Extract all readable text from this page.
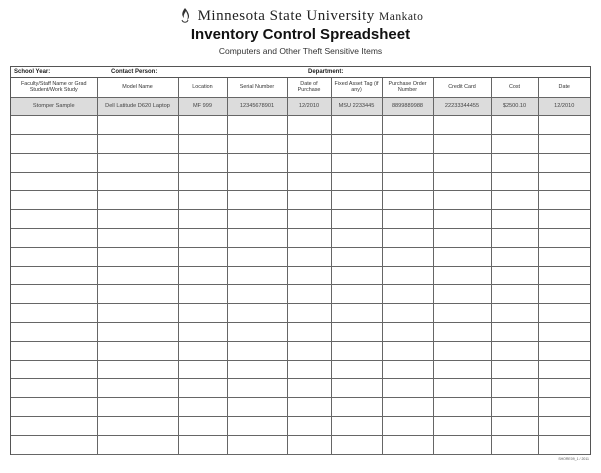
Minnesota State University Mankato
Inventory Control Spreadsheet
Computers and Other Theft Sensitive Items
School Year:	Contact Person:	Department:
Faculty/Staff Name or Grad Student/Work Study	Model Name	Location	Serial Number	Date of Purchase	Fixed Asset Tag (if any)	Purchase Order Number	Credit Card	Cost	Date
Stomper Sample	Dell Latitude D620 Laptop	MF 999	12345678901	12/2010	MSU 2233445	8899889988	22233344455	$2500.10	12/2010

SHORE09_1 / 2011
